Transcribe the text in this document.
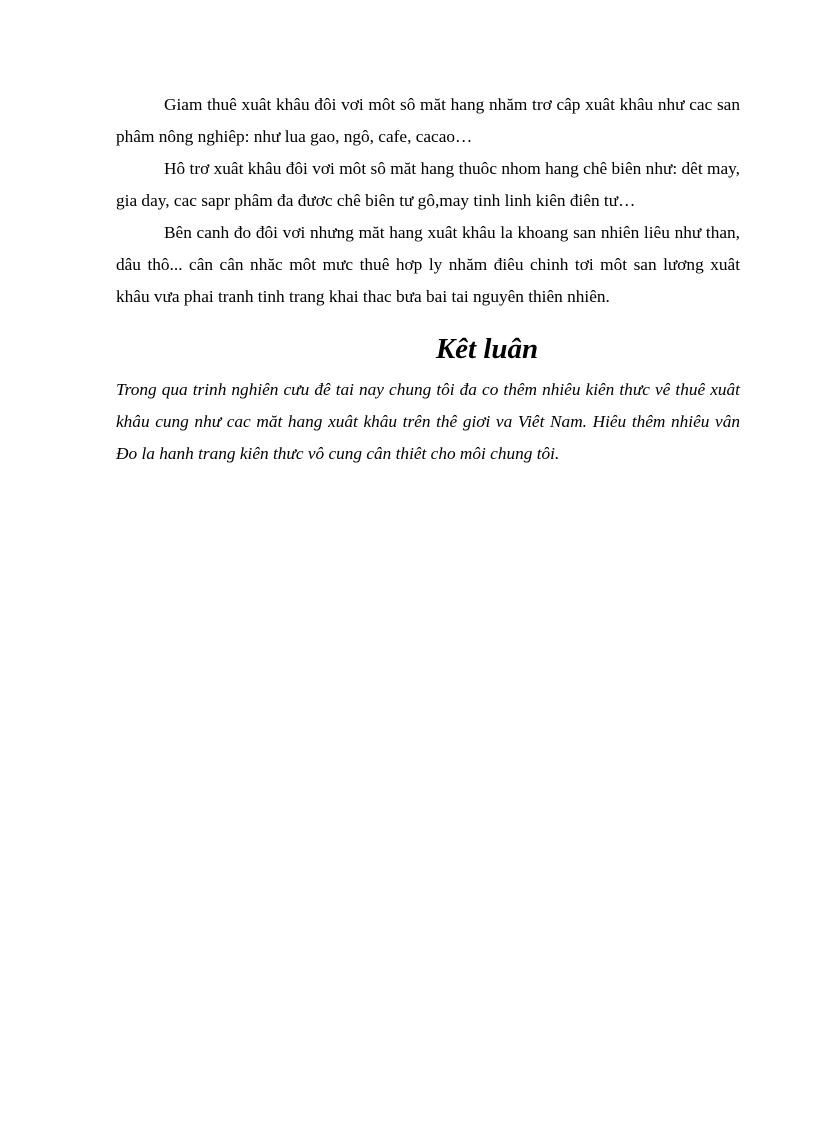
Giam thuê xuât khâu đôi vơi môt sô măt hang nhăm trơ câp xuât khâu như cac san phâm nông nghiêp: như lua gao, ngô, cafe, cacao…

Hô trơ xuât khâu đôi vơi môt sô măt hang thuôc nhom hang chê biên như: dêt may, gia day, cac sapr phâm đa đươc chê biên tư gô,may tinh linh kiên điên tư…

Bên canh đo đôi vơi nhưng măt hang xuât khâu la khoang san nhiên liêu như than, dâu thô... cân cân nhăc môt mưc thuê hơp ly nhăm điêu chinh tơi môt san lương xuât khâu vưa phai tranh tinh trang khai thac bưa bai tai nguyên thiên nhiên.

Kêt luân

Trong qua trinh nghiên cưu đê tai nay chung tôi đa co thêm nhiêu kiên thưc vê thuê xuât khâu cung như cac măt hang xuât khâu trên thê giơi va Viêt Nam. Hiêu thêm nhiêu vân Đo la hanh trang kiên thưc vô cung cân thiêt cho môi chung tôi.
